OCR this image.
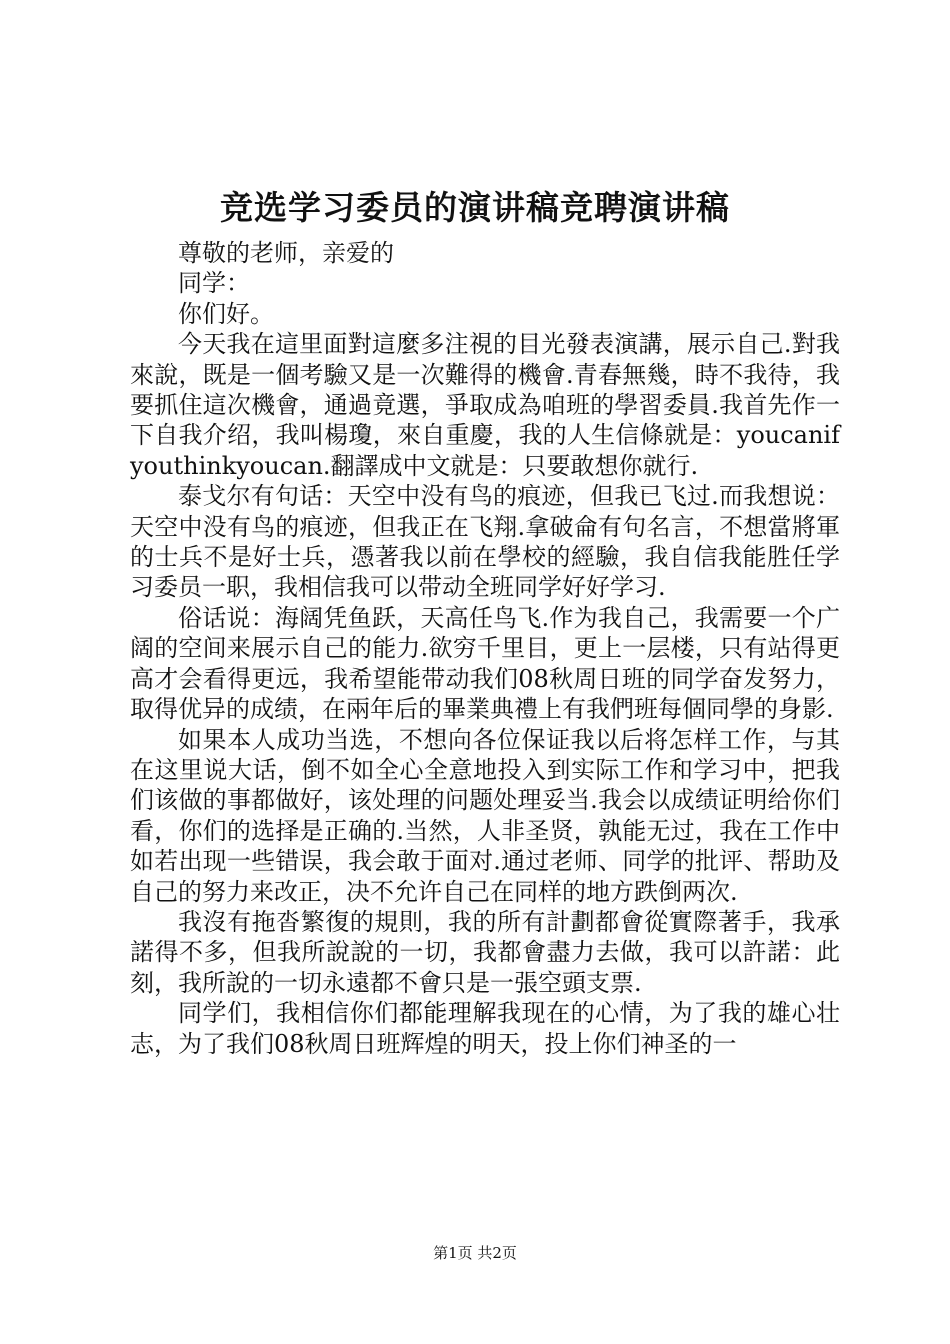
竞选学习委员的演讲稿竞聘演讲稿

尊敬的老师，亲爱的

同学：

你们好。

今天我在這里面對這麼多注視的目光發表演講，展示自己.對我來說，既是一個考驗又是一次難得的機會.青春無幾，時不我待，我要抓住這次機會，通過竟選，爭取成為咱班的學習委員.我首先作一下自我介绍，我叫楊瓊，來自重慶，我的人生信條就是：youcanifyouthinkyoucan.翻譯成中文就是：只要敢想你就行.

泰戈尔有句话：天空中没有鸟的痕迹，但我已飞过.而我想说：天空中没有鸟的痕迹，但我正在飞翔.拿破侖有句名言，不想當將軍的士兵不是好士兵，憑著我以前在學校的經驗，我自信我能胜任学习委员一职，我相信我可以带动全班同学好好学习.

俗话说：海阔凭鱼跃，天高任鸟飞.作为我自己，我需要一个广阔的空间来展示自己的能力.欲穷千里目，更上一层楼，只有站得更高才会看得更远，我希望能带动我们08秋周日班的同学奋发努力，取得优异的成绩，在兩年后的畢業典禮上有我們班每個同學的身影.

如果本人成功当选，不想向各位保证我以后将怎样工作，与其在这里说大话，倒不如全心全意地投入到实际工作和学习中，把我们该做的事都做好，该处理的问题处理妥当.我会以成绩证明给你们看，你们的选择是正确的.当然，人非圣贤，孰能无过，我在工作中如若出现一些错误，我会敢于面对.通过老师、同学的批评、帮助及自己的努力来改正，决不允许自己在同样的地方跌倒两次.

我沒有拖沓繁復的規則，我的所有計劃都會從實際著手，我承諾得不多，但我所說說的一切，我都會盡力去做，我可以許諾：此刻，我所說的一切永遠都不會只是一張空頭支票.

同学们，我相信你们都能理解我现在的心情，为了我的雄心壮志，为了我们08秋周日班辉煌的明天，投上你们神圣的一

第1页 共2页
